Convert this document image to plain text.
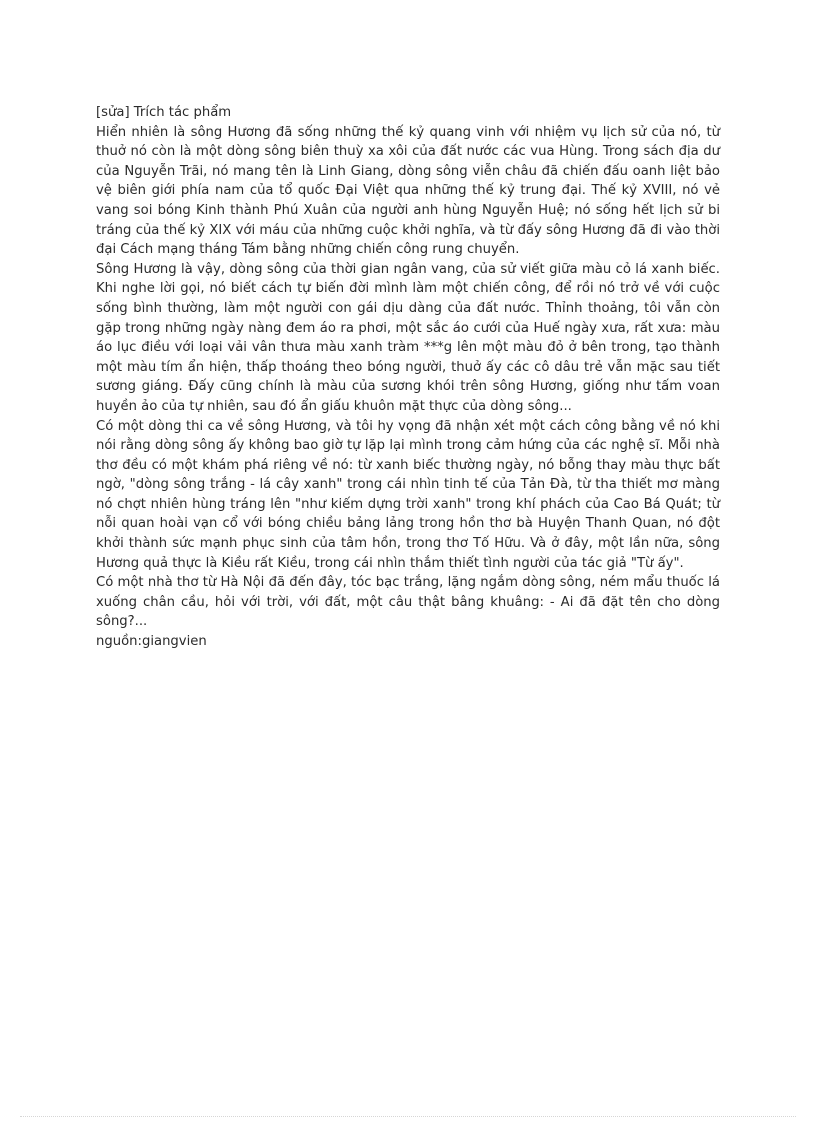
[sửa] Trích tác phẩm

Hiển nhiên là sông Hương đã sống những thế kỷ quang vinh với nhiệm vụ lịch sử của nó, từ thuở nó còn là một dòng sông biên thuỳ xa xôi của đất nước các vua Hùng. Trong sách địa dư của Nguyễn Trãi, nó mang tên là Linh Giang, dòng sông viễn châu đã chiến đấu oanh liệt bảo vệ biên giới phía nam của tổ quốc Đại Việt qua những thế kỷ trung đại. Thế kỷ XVIII, nó vẻ vang soi bóng Kinh thành Phú Xuân của người anh hùng Nguyễn Huệ; nó sống hết lịch sử bi tráng của thế kỷ XIX với máu của những cuộc khởi nghĩa, và từ đấy sông Hương đã đi vào thời đại Cách mạng tháng Tám bằng những chiến công rung chuyển.

Sông Hương là vậy, dòng sông của thời gian ngân vang, của sử viết giữa màu cỏ lá xanh biếc. Khi nghe lời gọi, nó biết cách tự biến đời mình làm một chiến công, để rồi nó trở về với cuộc sống bình thường, làm một người con gái dịu dàng của đất nước. Thỉnh thoảng, tôi vẫn còn gặp trong những ngày nàng đem áo ra phơi, một sắc áo cưới của Huế ngày xưa, rất xưa: màu áo lục điều với loại vải vân thưa màu xanh tràm ***g lên một màu đỏ ở bên trong, tạo thành một màu tím ẩn hiện, thấp thoáng theo bóng người, thuở ấy các cô dâu trẻ vẫn mặc sau tiết sương giáng. Đấy cũng chính là màu của sương khói trên sông Hương, giống như tấm voan huyền ảo của tự nhiên, sau đó ẩn giấu khuôn mặt thực của dòng sông...

Có một dòng thi ca về sông Hương, và tôi hy vọng đã nhận xét một cách công bằng về nó khi nói rằng dòng sông ấy không bao giờ tự lặp lại mình trong cảm hứng của các nghệ sĩ. Mỗi nhà thơ đều có một khám phá riêng về nó: từ xanh biếc thường ngày, nó bỗng thay màu thực bất ngờ, "dòng sông trắng - lá cây xanh" trong cái nhìn tinh tế của Tản Đà, từ tha thiết mơ màng nó chợt nhiên hùng tráng lên "như kiếm dựng trời xanh" trong khí phách của Cao Bá Quát; từ nỗi quan hoài vạn cổ với bóng chiều bảng lảng trong hồn thơ bà Huyện Thanh Quan, nó đột khởi thành sức mạnh phục sinh của tâm hồn, trong thơ Tố Hữu. Và ở đây, một lần nữa, sông Hương quả thực là Kiều rất Kiều, trong cái nhìn thắm thiết tình người của tác giả "Từ ấy".

Có một nhà thơ từ Hà Nội đã đến đây, tóc bạc trắng, lặng ngắm dòng sông, ném mẩu thuốc lá xuống chân cầu, hỏi với trời, với đất, một câu thật bâng khuâng: - Ai đã đặt tên cho dòng sông?...

nguồn:giangvien
